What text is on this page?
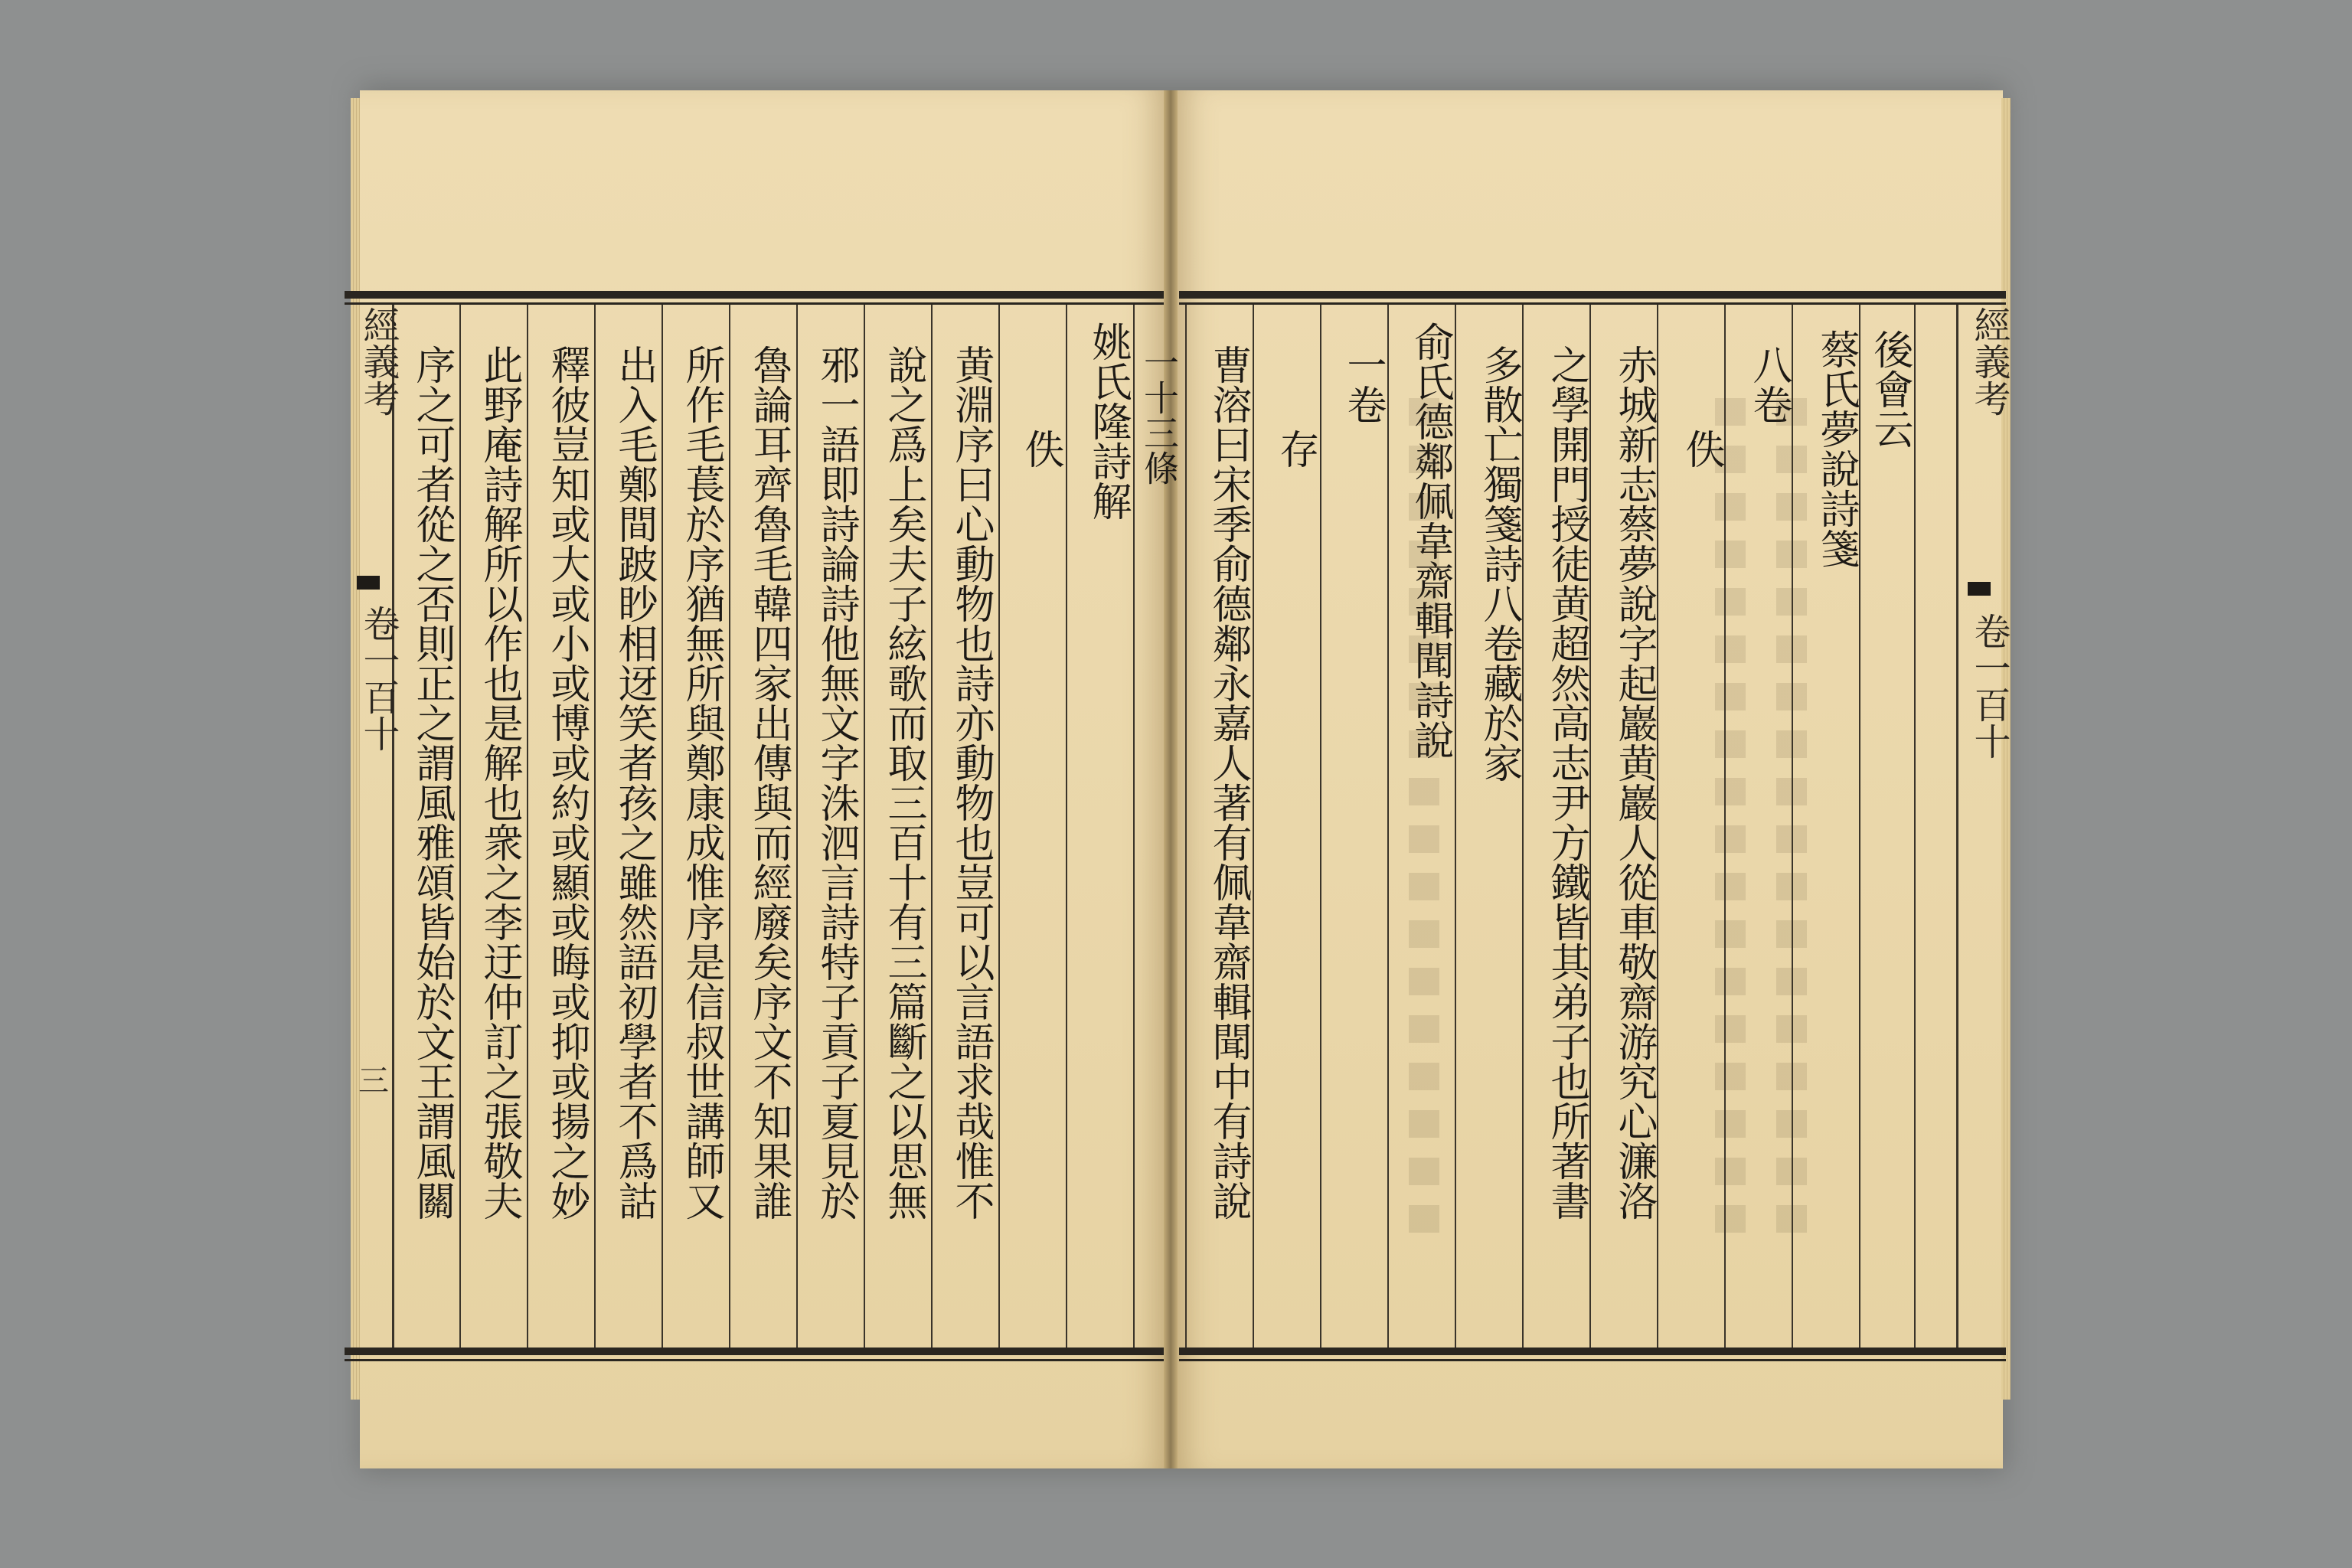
經義考
卷一百十
三
姚氏隆詩解
佚
黄淵序曰心動物也詩亦動物也豈可以言語求哉惟不
說之爲上矣夫子絃歌而取三百十有三篇斷之以思無
邪一語即詩論詩他無文字洙泗言詩特子貢子夏見於
魯論耳齊魯毛韓四家出傳與而經廢矣序文不知果誰
所作毛萇於序猶無所與鄭康成惟序是信叔世講師又
出入毛鄭間跛眇相迓笑者孩之雖然語初學者不爲詁
釋彼豈知或大或小或博或約或顯或晦或抑或揚之妙
此野庵詩解所以作也是解也衆之李迂仲訂之張敬夫
序之可者從之否則正之謂風雅頌皆始於文王謂風關	經義考
卷一百十
後會云
蔡氏夢說詩箋
八卷
佚
赤城新志蔡夢說字起巖黄巖人從車敬齋游究心濂洛
之學開門授徒黄超然高志尹方鐵皆其弟子也所著書
多散亡獨箋詩八卷藏於家
俞氏德鄰佩韋齋輯聞詩說
一卷
存
曹溶曰宋季俞德鄰永嘉人著有佩韋齋輯聞中有詩說
一十三條
